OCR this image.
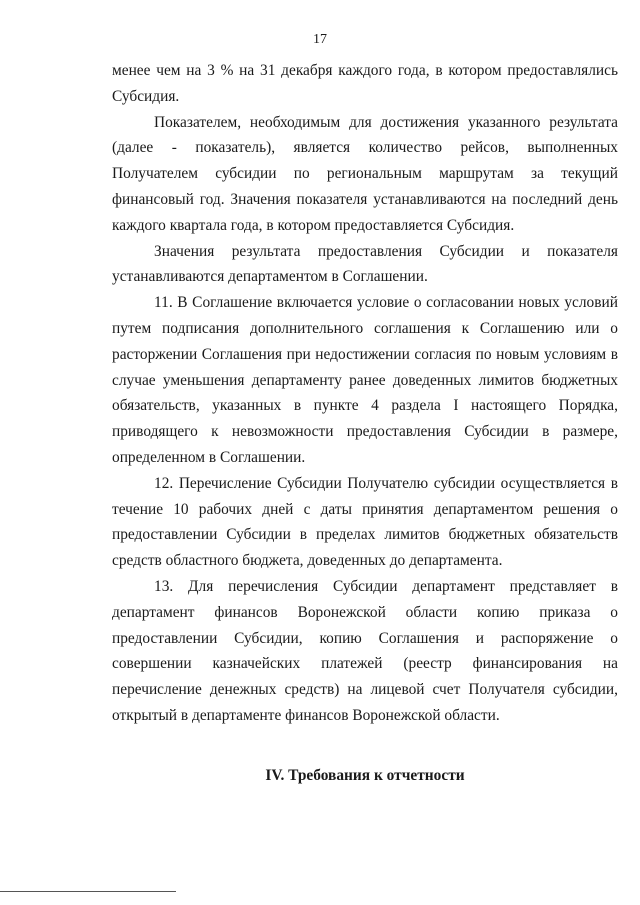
17

менее чем на 3 % на 31 декабря каждого года, в котором предоставлялись Субсидия.

Показателем, необходимым для достижения указанного результата (далее - показатель), является количество рейсов, выполненных Получателем субсидии по региональным маршрутам за текущий финансовый год. Значения показателя устанавливаются на последний день каждого квартала года, в котором предоставляется Субсидия.

Значения результата предоставления Субсидии и показателя устанавливаются департаментом в Соглашении.

11. В Соглашение включается условие о согласовании новых условий путем подписания дополнительного соглашения к Соглашению или о расторжении Соглашения при недостижении согласия по новым условиям в случае уменьшения департаменту ранее доведенных лимитов бюджетных обязательств, указанных в пункте 4 раздела I настоящего Порядка, приводящего к невозможности предоставления Субсидии в размере, определенном в Соглашении.

12. Перечисление Субсидии Получателю субсидии осуществляется в течение 10 рабочих дней с даты принятия департаментом решения о предоставлении Субсидии в пределах лимитов бюджетных обязательств средств областного бюджета, доведенных до департамента.

13. Для перечисления Субсидии департамент представляет в департамент финансов Воронежской области копию приказа о предоставлении Субсидии, копию Соглашения и распоряжение о совершении казначейских платежей (реестр финансирования на перечисление денежных средств) на лицевой счет Получателя субсидии, открытый в департаменте финансов Воронежской области.

IV. Требования к отчетности
